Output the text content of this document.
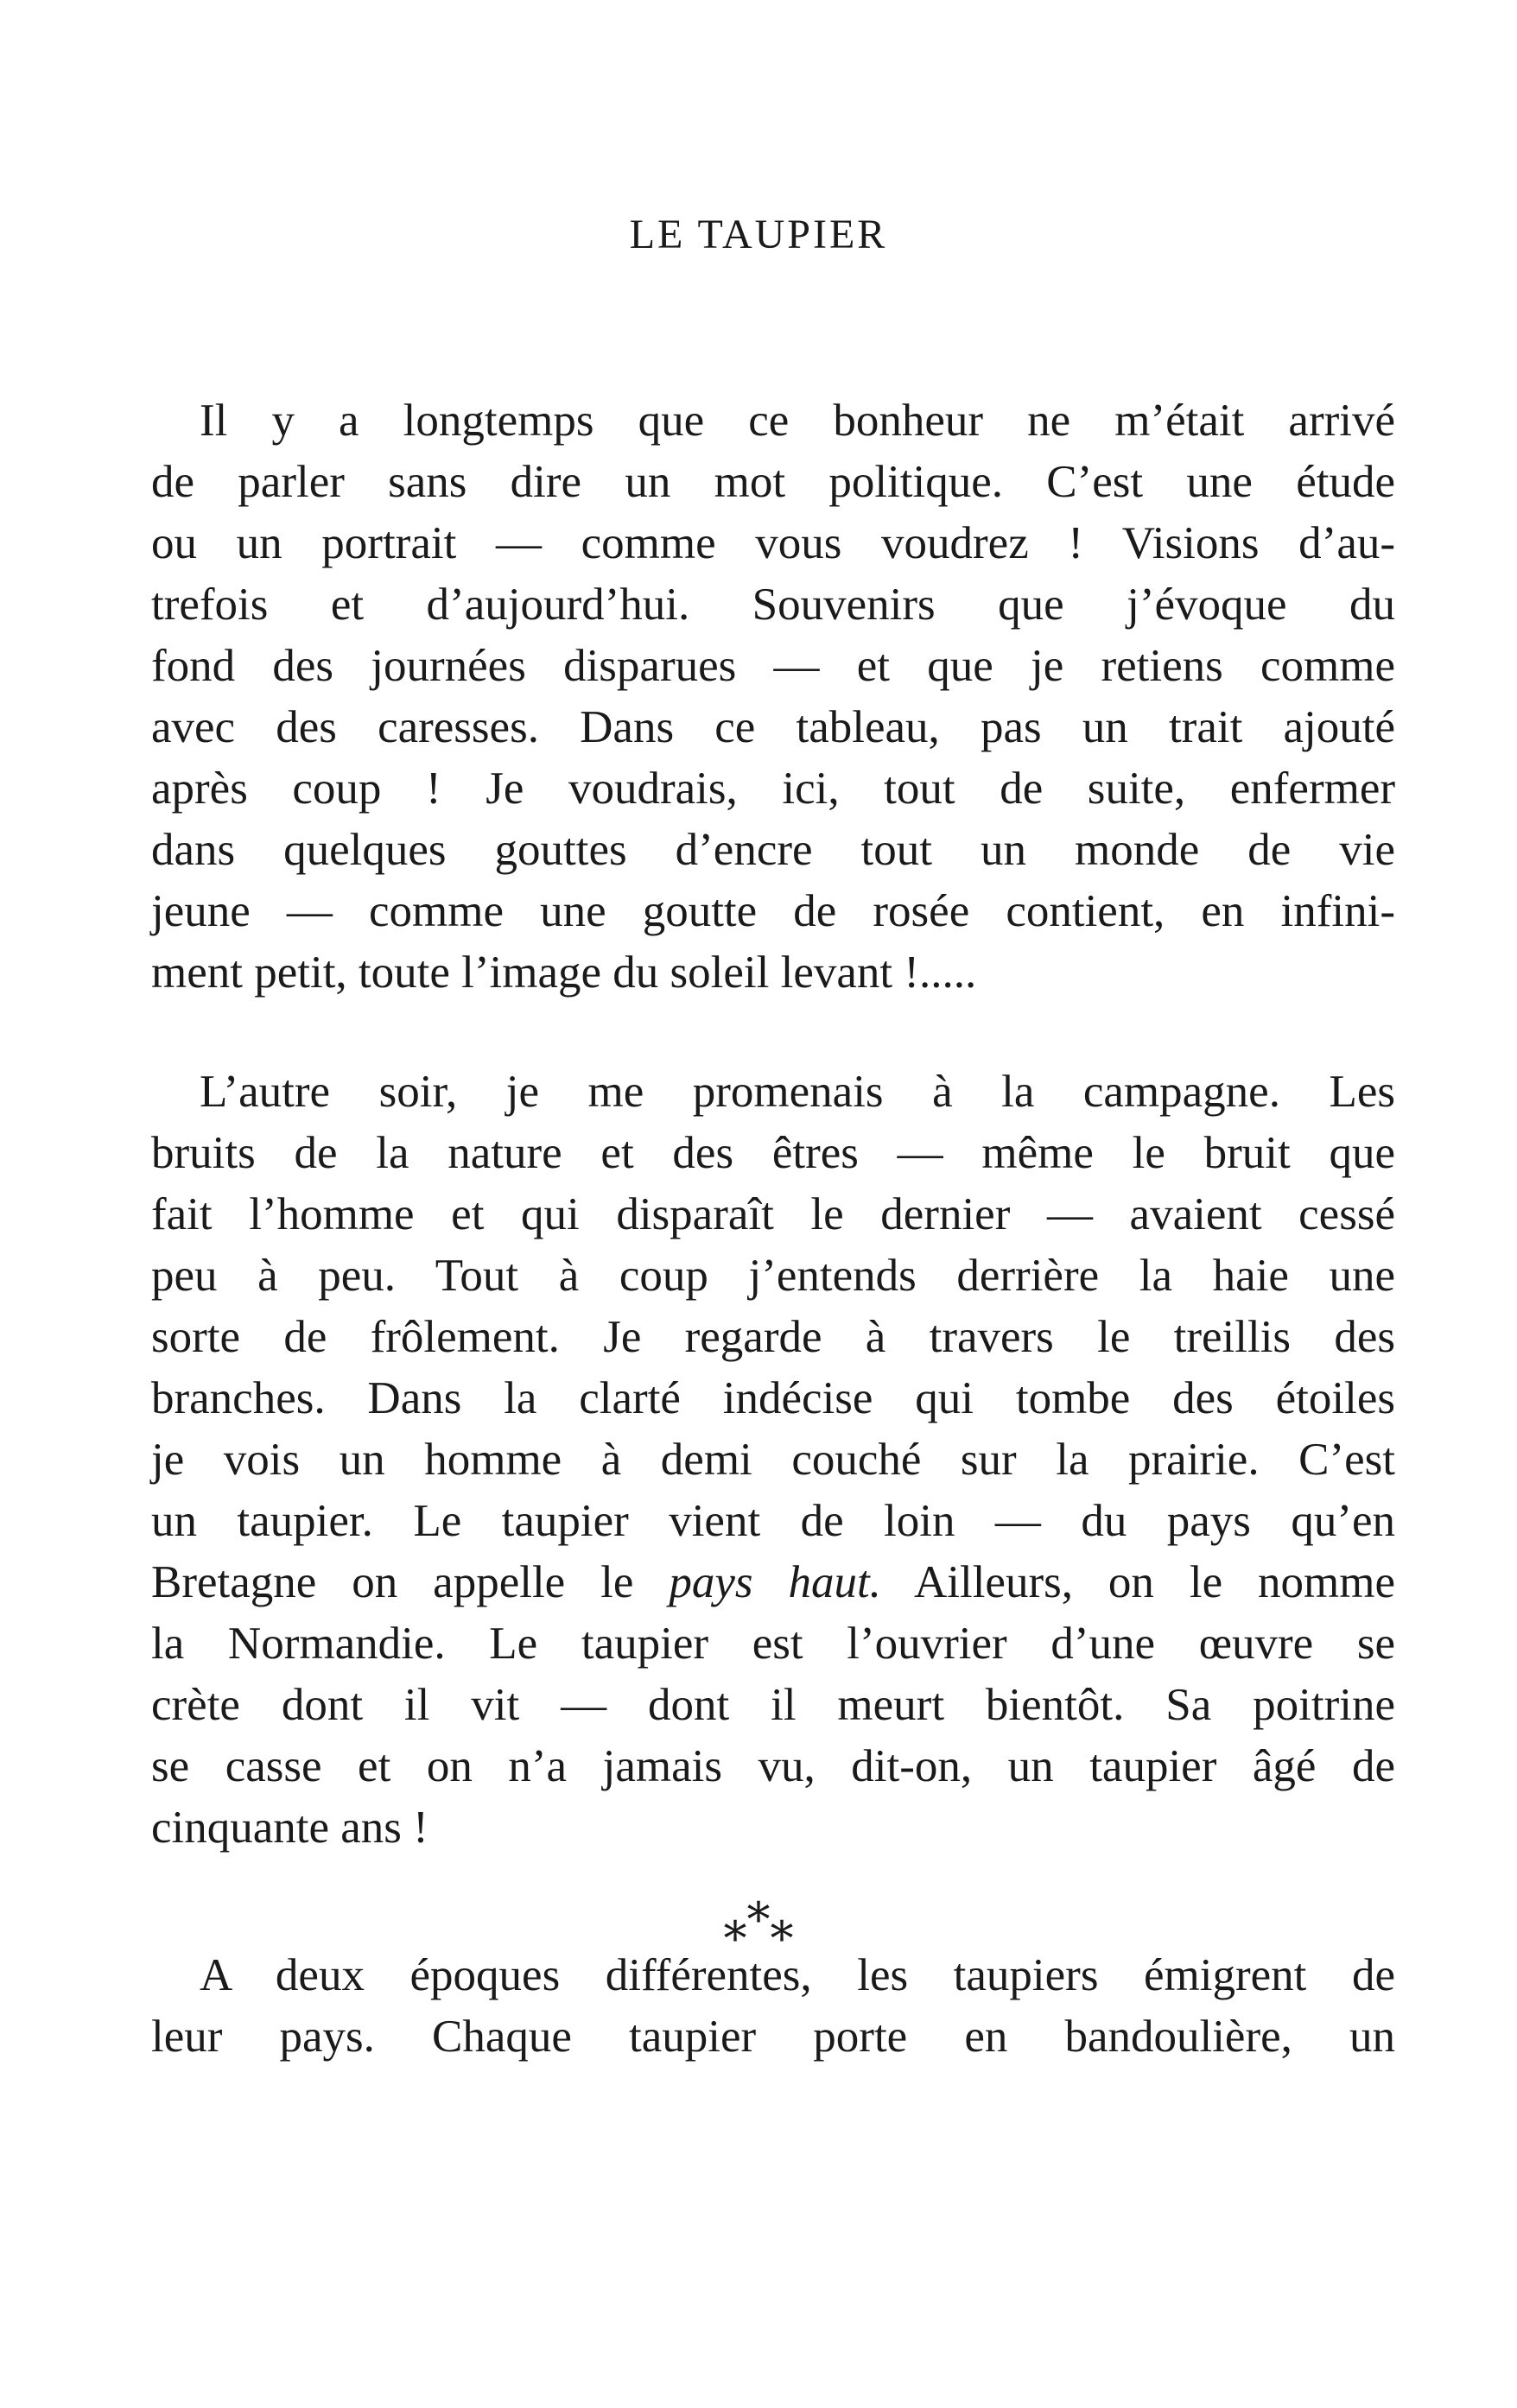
LE TAUPIER
Il y a longtemps que ce bonheur ne m’était arrivé
de parler sans dire un mot politique. C’est une étude
ou un portrait — comme vous voudrez ! Visions d’au-
trefois et d’aujourd’hui. Souvenirs que j’évoque du
fond des journées disparues — et que je retiens comme
avec des caresses. Dans ce tableau, pas un trait ajouté
après coup ! Je voudrais, ici, tout de suite, enfermer
dans quelques gouttes d’encre tout un monde de vie
jeune — comme une goutte de rosée contient, en infini-
ment petit, toute l’image du soleil levant !.....
L’autre soir, je me promenais à la campagne. Les
bruits de la nature et des êtres — même le bruit que
fait l’homme et qui disparaît le dernier — avaient cessé
peu à peu. Tout à coup j’entends derrière la haie une
sorte de frôlement. Je regarde à travers le treillis des
branches. Dans la clarté indécise qui tombe des étoiles
je vois un homme à demi couché sur la prairie. C’est
un taupier. Le taupier vient de loin — du pays qu’en
Bretagne on appelle le pays haut. Ailleurs, on le nomme
la Normandie. Le taupier est l’ouvrier d’une œuvre se
crète dont il vit — dont il meurt bientôt. Sa poitrine
se casse et on n’a jamais vu, dit-on, un taupier âgé de
cinquante ans !
***
A deux époques différentes, les taupiers émigrent de
leur pays. Chaque taupier porte en bandoulière, un
